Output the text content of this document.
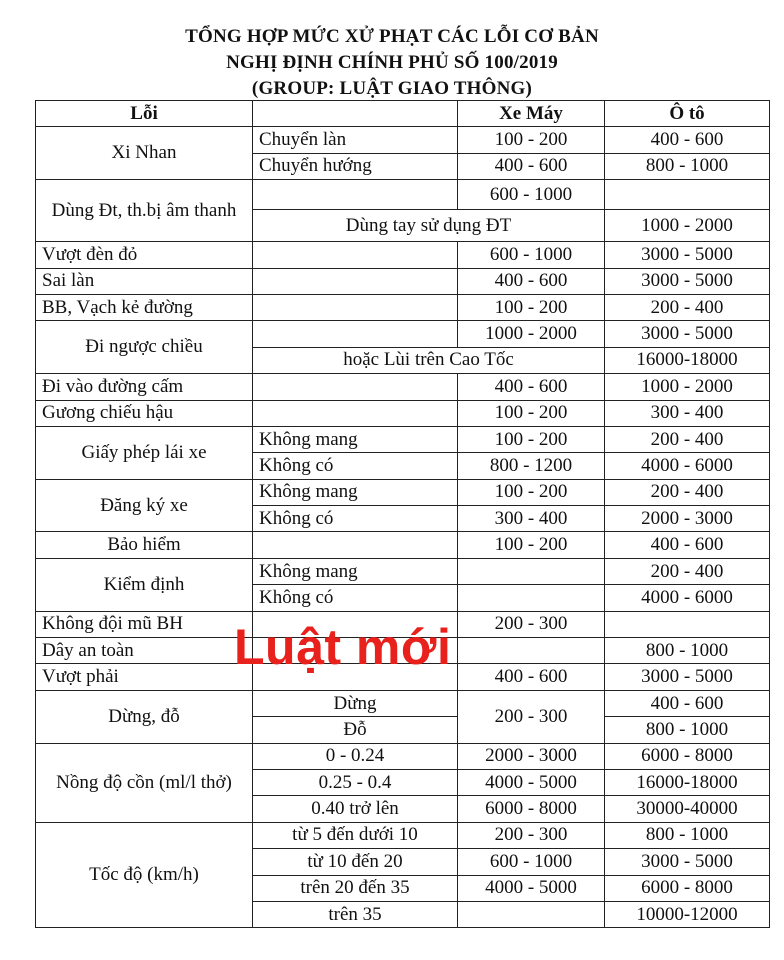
TỔNG HỢP MỨC XỬ PHẠT CÁC LỖI CƠ BẢN
NGHỊ ĐỊNH CHÍNH PHỦ SỐ 100/2019
(GROUP: LUẬT GIAO THÔNG)
Lỗi		Xe Máy	Ô tô
Xi Nhan	Chuyển làn	100 - 200	400 - 600
	Chuyển hướng	400 - 600	800 - 1000
Dùng Đt, th.bị âm thanh		600 - 1000	
	Dùng tay sử dụng ĐT		1000 - 2000
Vượt đèn đỏ		600 - 1000	3000 - 5000
Sai làn		400 - 600	3000 - 5000
BB, Vạch kẻ đường		100 - 200	200 - 400
Đi ngược chiều		1000 - 2000	3000 - 5000
	hoặc Lùi trên Cao Tốc		16000-18000
Đi vào đường cấm		400 - 600	1000 - 2000
Gương chiếu hậu		100 - 200	300 - 400
Giấy phép lái xe	Không mang	100 - 200	200 - 400
	Không có	800 - 1200	4000 - 6000
Đăng ký xe	Không mang	100 - 200	200 - 400
	Không có	300 - 400	2000 - 3000
Bảo hiểm		100 - 200	400 - 600
Kiểm định	Không mang		200 - 400
	Không có		4000 - 6000
Không đội mũ BH		200 - 300	
Dây an toàn			800 - 1000
Vượt phải		400 - 600	3000 - 5000
Dừng, đỗ	Dừng	200 - 300	400 - 600
	Đỗ		800 - 1000
Nồng độ cồn (ml/l thở)	0 - 0.24	2000 - 3000	6000 - 8000
	0.25 - 0.4	4000 - 5000	16000-18000
	0.40 trở lên	6000 - 8000	30000-40000
Tốc độ (km/h)	từ 5 đến dưới 10	200 - 300	800 - 1000
	từ 10 đến 20	600 - 1000	3000 - 5000
	trên 20 đến 35	4000 - 5000	6000 - 8000
	trên 35		10000-12000
Luật mới
